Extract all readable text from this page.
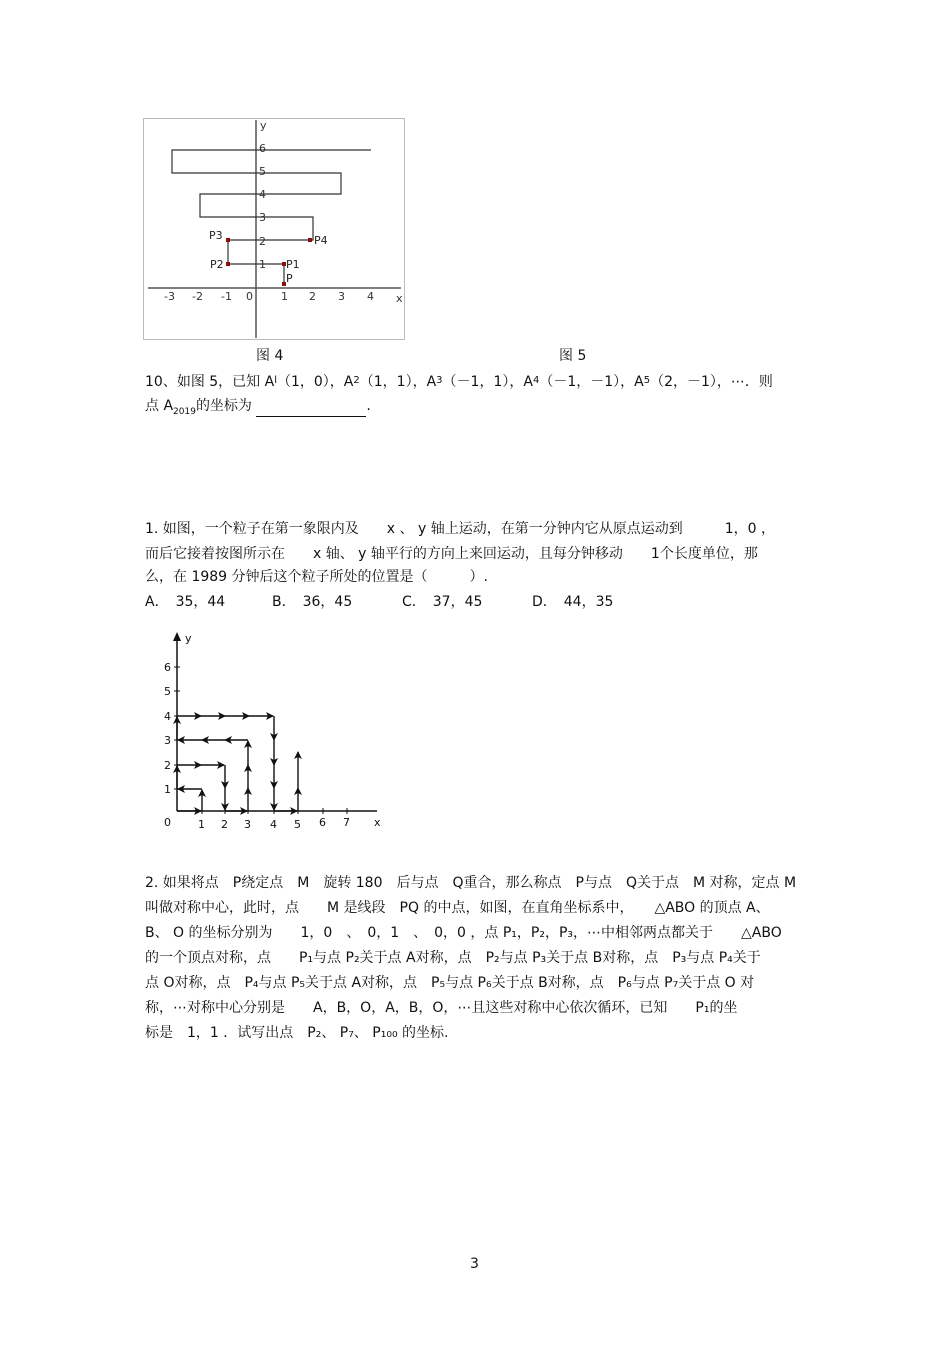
y
x
-3 -2 -1 0	1 2 3 4
1
2
3
4
5
6
P
P1
P2
P3	P4
图 4	图 5
10、如图 5，已知 $A^l(1$，0），$A^2(1$，1），$A^3(-1$，1），$A^4(-1$，－1），$A^5(2$，－1），⋯．则
点 $A_{2019}$的坐标为	.
1. 如图，一个粒子在第一象限内及　　x 、 y 轴上运动，在第一分钟内它从原点运动到　　　1，0 ，
而后它接着按图所示在　　x 轴、 y 轴平行的方向上来回运动，且每分钟移动　　1个长度单位，那
么，在 1989 分钟后这个粒子所处的位置是（　　　）.
A．　35，44	B．　36，45	C．　37，45	D．　44，35
y
x
0 1 2 3 4 5 6 7
1
2
3
4
5
6
2. 如果将点　P绕定点　M　旋转 180　后与点　Q重合，那么称点　P与点　Q关于点　M 对称，定点 M
叫做对称中心，此时，点　　M 是线段　PQ 的中点，如图，在直角坐标系中，　　△ABO 的顶点 A、
B、 O 的坐标分别为　　1，0　、　0，1　、　0，0 ，点 P₁，P₂，P₃，⋯中相邻两点都关于　　△ABO
的一个顶点对称，点　　P₁与点 P₂关于点 A对称，点　P₂与点 P₃关于点 B对称，点　P₃与点 P₄关于
点 O对称，点　P₄与点 P₅关于点 A对称，点　P₅与点 P₆关于点 B对称，点　P₆与点 P₇关于点 O 对
称，⋯对称中心分别是　　A，B，O，A，B，O，⋯且这些对称中心依次循环，已知　　P₁的坐
标是　1，1 ．试写出点　P₂、 P₇、 P₁₀₀ 的坐标.
3
